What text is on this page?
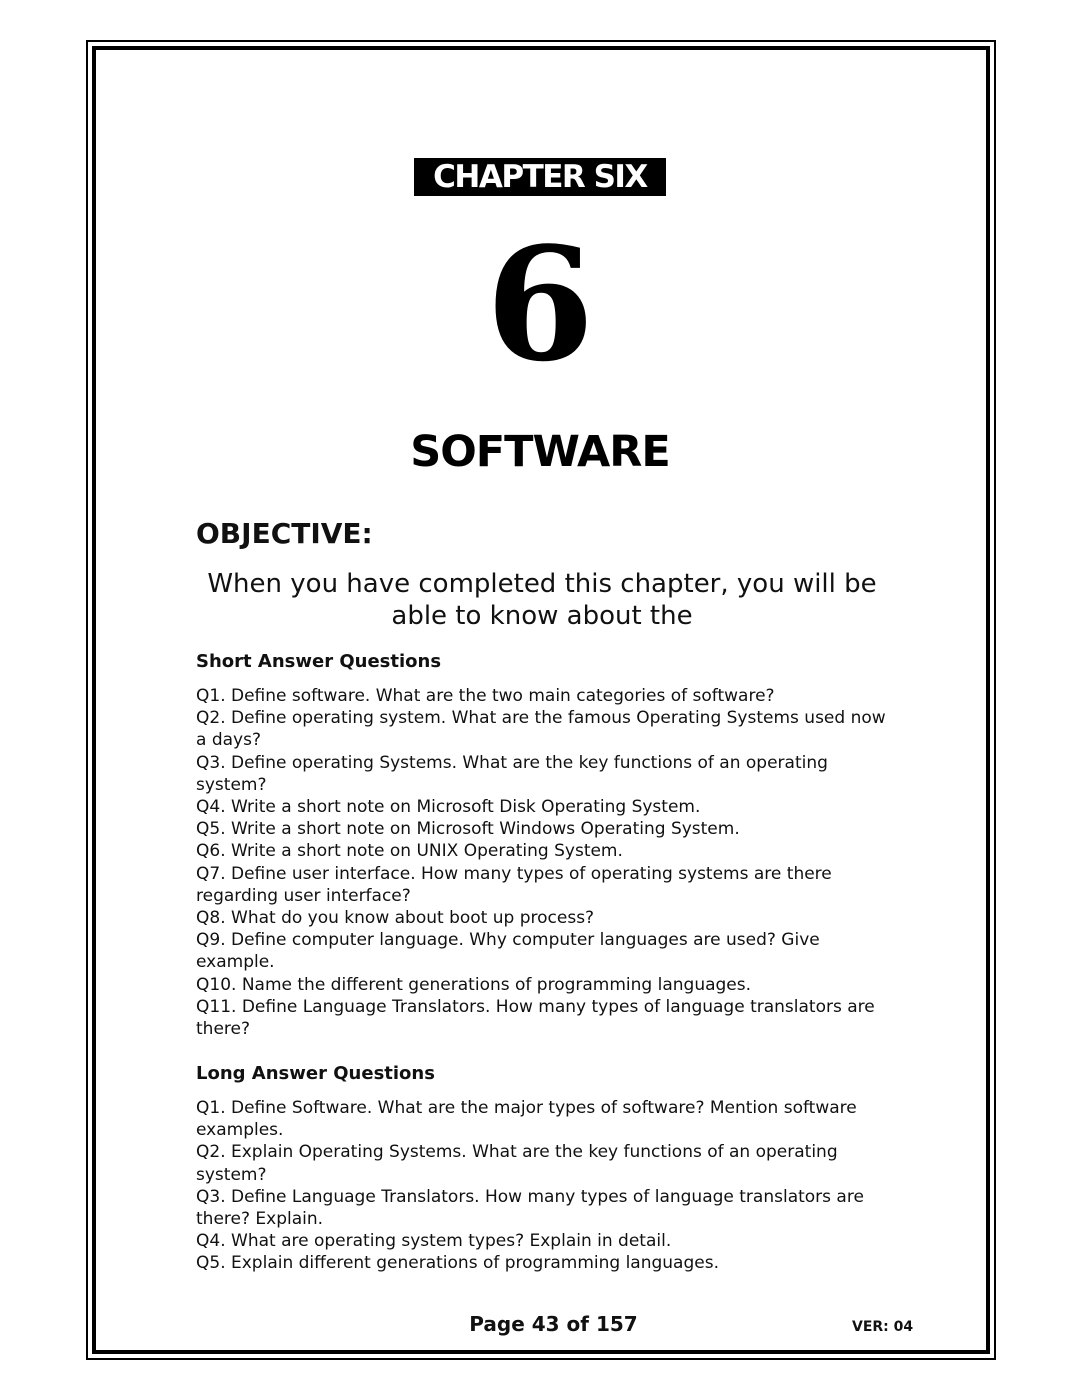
CHAPTER SIX
6
SOFTWARE
OBJECTIVE:
When you have completed this chapter, you will be able to know about the
Short Answer Questions
Q1. Define software. What are the two main categories of software?
Q2. Define operating system. What are the famous Operating Systems used now a days?
Q3. Define operating Systems. What are the key functions of an operating system?
Q4. Write a short note on Microsoft Disk Operating System.
Q5. Write a short note on Microsoft Windows Operating System.
Q6. Write a short note on UNIX Operating System.
Q7. Define user interface. How many types of operating systems are there regarding user interface?
Q8. What do you know about boot up process?
Q9. Define computer language. Why computer languages are used? Give example.
Q10. Name the different generations of programming languages.
Q11. Define Language Translators. How many types of language translators are there?
Long Answer Questions
Q1. Define Software. What are the major types of software? Mention software examples.
Q2. Explain Operating Systems. What are the key functions of an operating system?
Q3. Define Language Translators. How many types of language translators are there? Explain.
Q4. What are operating system types? Explain in detail.
Q5. Explain different generations of programming languages.
Page 43 of 157	VER: 04
